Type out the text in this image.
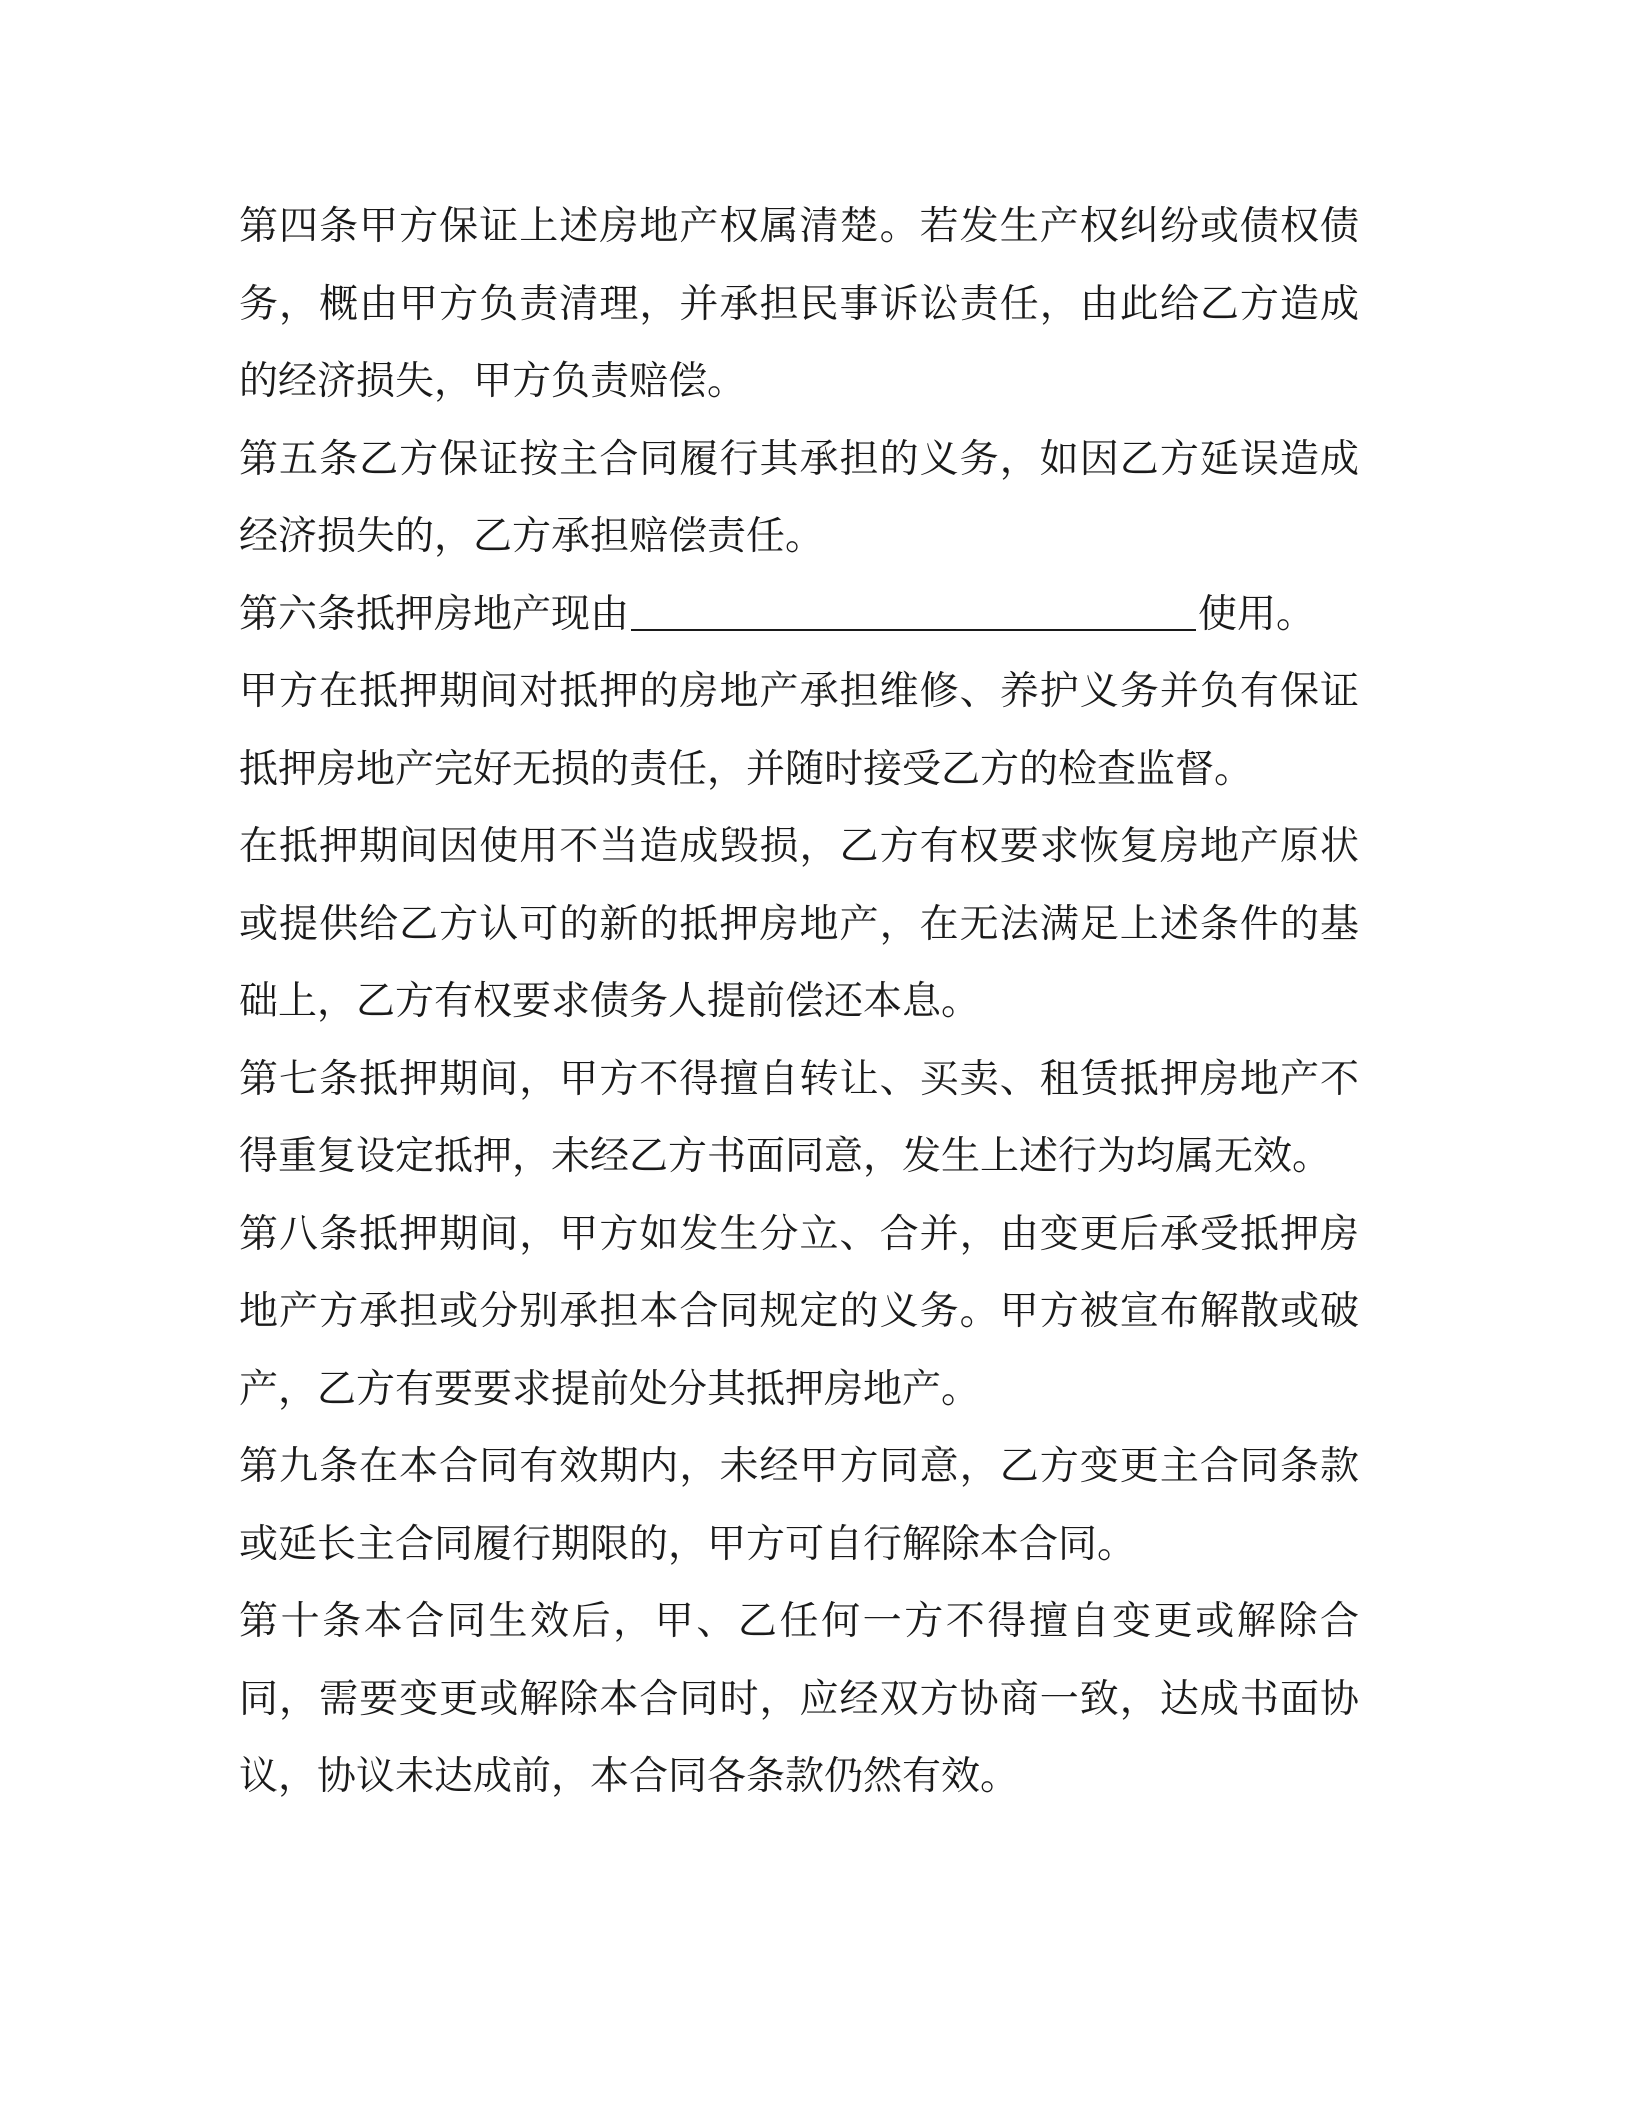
第四条甲方保证上述房地产权属清楚。若发生产权纠纷或债权债务，概由甲方负责清理，并承担民事诉讼责任，由此给乙方造成的经济损失，甲方负责赔偿。

第五条乙方保证按主合同履行其承担的义务，如因乙方延误造成经济损失的，乙方承担赔偿责任。

第六条抵押房地产现由	使用。

甲方在抵押期间对抵押的房地产承担维修、养护义务并负有保证抵押房地产完好无损的责任，并随时接受乙方的检查监督。

在抵押期间因使用不当造成毁损，乙方有权要求恢复房地产原状或提供给乙方认可的新的抵押房地产，在无法满足上述条件的基础上，乙方有权要求债务人提前偿还本息。

第七条抵押期间，甲方不得擅自转让、买卖、租赁抵押房地产不得重复设定抵押，未经乙方书面同意，发生上述行为均属无效。

第八条抵押期间，甲方如发生分立、合并，由变更后承受抵押房地产方承担或分别承担本合同规定的义务。甲方被宣布解散或破产，乙方有要要求提前处分其抵押房地产。

第九条在本合同有效期内，未经甲方同意，乙方变更主合同条款或延长主合同履行期限的，甲方可自行解除本合同。

第十条本合同生效后，甲、乙任何一方不得擅自变更或解除合同，需要变更或解除本合同时，应经双方协商一致，达成书面协议，协议未达成前，本合同各条款仍然有效。
